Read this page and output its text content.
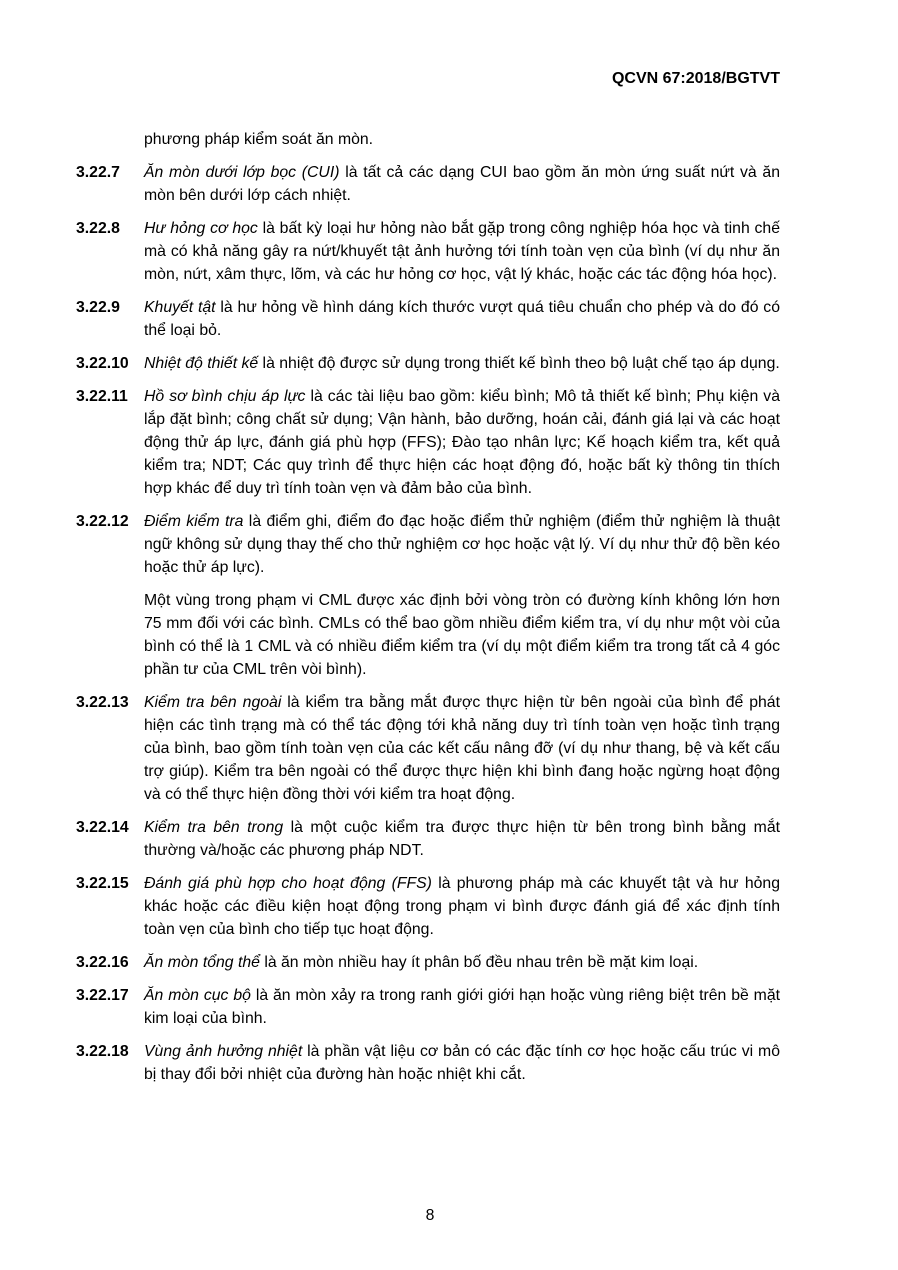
QCVN 67:2018/BGTVT
phương pháp kiểm soát ăn mòn.
3.22.7	Ăn mòn dưới lớp bọc (CUI) là tất cả các dạng CUI bao gồm ăn mòn ứng suất nứt và ăn mòn bên dưới lớp cách nhiệt.

3.22.8	Hư hỏng cơ học là bất kỳ loại hư hỏng nào bắt gặp trong công nghiệp hóa học và tinh chế mà có khả năng gây ra nứt/khuyết tật ảnh hưởng tới tính toàn vẹn của bình (ví dụ như ăn mòn, nứt, xâm thực, lõm, và các hư hỏng cơ học, vật lý khác, hoặc các tác động hóa học).

3.22.9	Khuyết tật là hư hỏng về hình dáng kích thước vượt quá tiêu chuẩn cho phép và do đó có thể loại bỏ.

3.22.10 Nhiệt độ thiết kế là nhiệt độ được sử dụng trong thiết kế bình theo bộ luật chế tạo áp dụng.

3.22.11	Hồ sơ bình chịu áp lực là các tài liệu bao gồm: kiểu bình; Mô tả thiết kế bình; Phụ kiện và lắp đặt bình; công chất sử dụng; Vận hành, bảo dưỡng, hoán cải, đánh giá lại và các hoạt động thử áp lực, đánh giá phù hợp (FFS); Đào tạo nhân lực; Kế hoạch kiểm tra, kết quả kiểm tra; NDT; Các quy trình để thực hiện các hoạt động đó, hoặc bất kỳ thông tin thích hợp khác để duy trì tính toàn vẹn và đảm bảo của bình.

3.22.12 Điểm kiểm tra là điểm ghi, điểm đo đạc hoặc điểm thử nghiệm (điểm thử nghiệm là thuật ngữ không sử dụng thay thế cho thử nghiệm cơ học hoặc vật lý. Ví dụ như thử độ bền kéo hoặc thử áp lực).

Một vùng trong phạm vi CML được xác định bởi vòng tròn có đường kính không lớn hơn 75 mm đối với các bình. CMLs có thể bao gồm nhiều điểm kiểm tra, ví dụ như một vòi của bình có thể là 1 CML và có nhiều điểm kiểm tra (ví dụ một điểm kiểm tra trong tất cả 4 góc phần tư của CML trên vòi bình).

3.22.13 Kiểm tra bên ngoài là kiểm tra bằng mắt được thực hiện từ bên ngoài của bình để phát hiện các tình trạng mà có thể tác động tới khả năng duy trì tính toàn vẹn hoặc tình trạng của bình, bao gồm tính toàn vẹn của các kết cấu nâng đỡ (ví dụ như thang, bệ và kết cấu trợ giúp). Kiểm tra bên ngoài có thể được thực hiện khi bình đang hoặc ngừng hoạt động và có thể thực hiện đồng thời với kiểm tra hoạt động.

3.22.14 Kiểm tra bên trong là một cuộc kiểm tra được thực hiện từ bên trong bình bằng mắt thường và/hoặc các phương pháp NDT.

3.22.15 Đánh giá phù hợp cho hoạt động (FFS) là phương pháp mà các khuyết tật và hư hỏng khác hoặc các điều kiện hoạt động trong phạm vi bình được đánh giá để xác định tính toàn vẹn của bình cho tiếp tục hoạt động.

3.22.16 Ăn mòn tổng thể là ăn mòn nhiều hay ít phân bố đều nhau trên bề mặt kim loại.

3.22.17 Ăn mòn cục bộ là ăn mòn xảy ra trong ranh giới giới hạn hoặc vùng riêng biệt trên bề mặt kim loại của bình.

3.22.18 Vùng ảnh hưởng nhiệt là phần vật liệu cơ bản có các đặc tính cơ học hoặc cấu trúc vi mô bị thay đổi bởi nhiệt của đường hàn hoặc nhiệt khi cắt.

8
